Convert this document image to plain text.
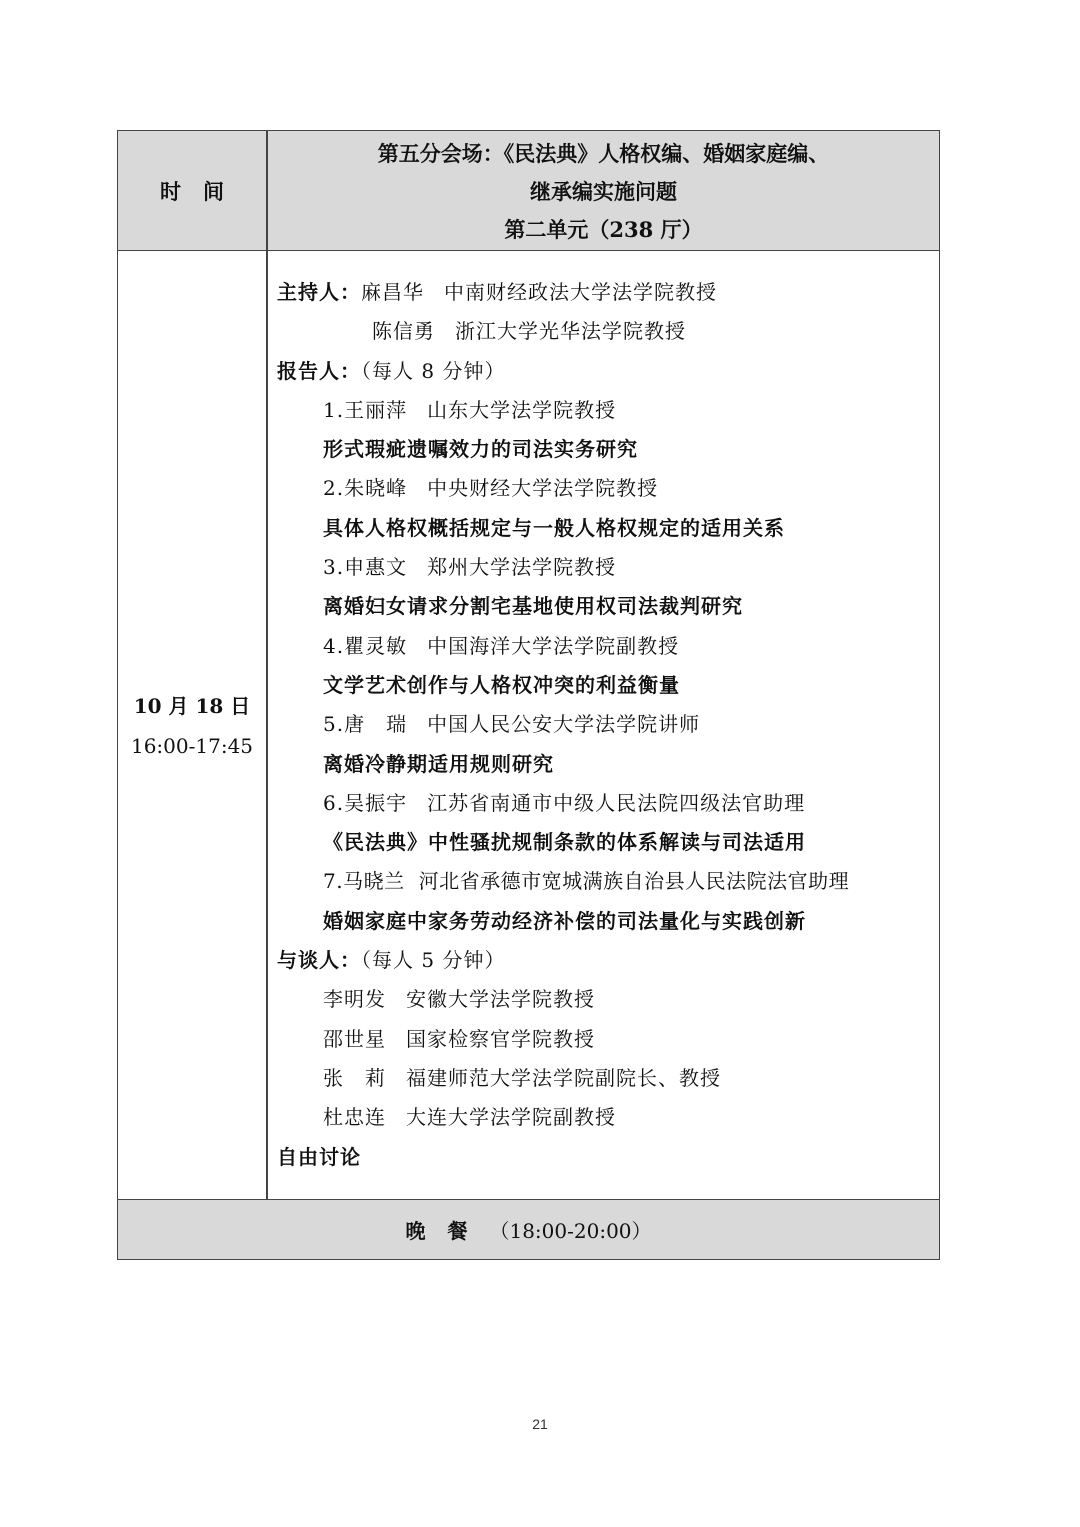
时间
第五分会场：《民法典》人格权编、婚姻家庭编、
继承编实施问题
第二单元（238 厅）
10 月 18 日
16:00-17:45
主持人：麻昌华 中南财经政法大学法学院教授
陈信勇 浙江大学光华法学院教授
报告人：（每人 8 分钟）
1.王丽萍 山东大学法学院教授
形式瑕疵遗嘱效力的司法实务研究
2.朱晓峰 中央财经大学法学院教授
具体人格权概括规定与一般人格权规定的适用关系
3.申惠文 郑州大学法学院教授
离婚妇女请求分割宅基地使用权司法裁判研究
4.瞿灵敏 中国海洋大学法学院副教授
文学艺术创作与人格权冲突的利益衡量
5.唐　瑞 中国人民公安大学法学院讲师
离婚冷静期适用规则研究
6.吴振宇 江苏省南通市中级人民法院四级法官助理
《民法典》中性骚扰规制条款的体系解读与司法适用
7.马晓兰 河北省承德市宽城满族自治县人民法院法官助理
婚姻家庭中家务劳动经济补偿的司法量化与实践创新
与谈人：（每人 5 分钟）
李明发 安徽大学法学院教授
邵世星 国家检察官学院教授
张　莉 福建师范大学法学院副院长、教授
杜忠连 大连大学法学院副教授
自由讨论
晚餐 （18:00-20:00）
21
